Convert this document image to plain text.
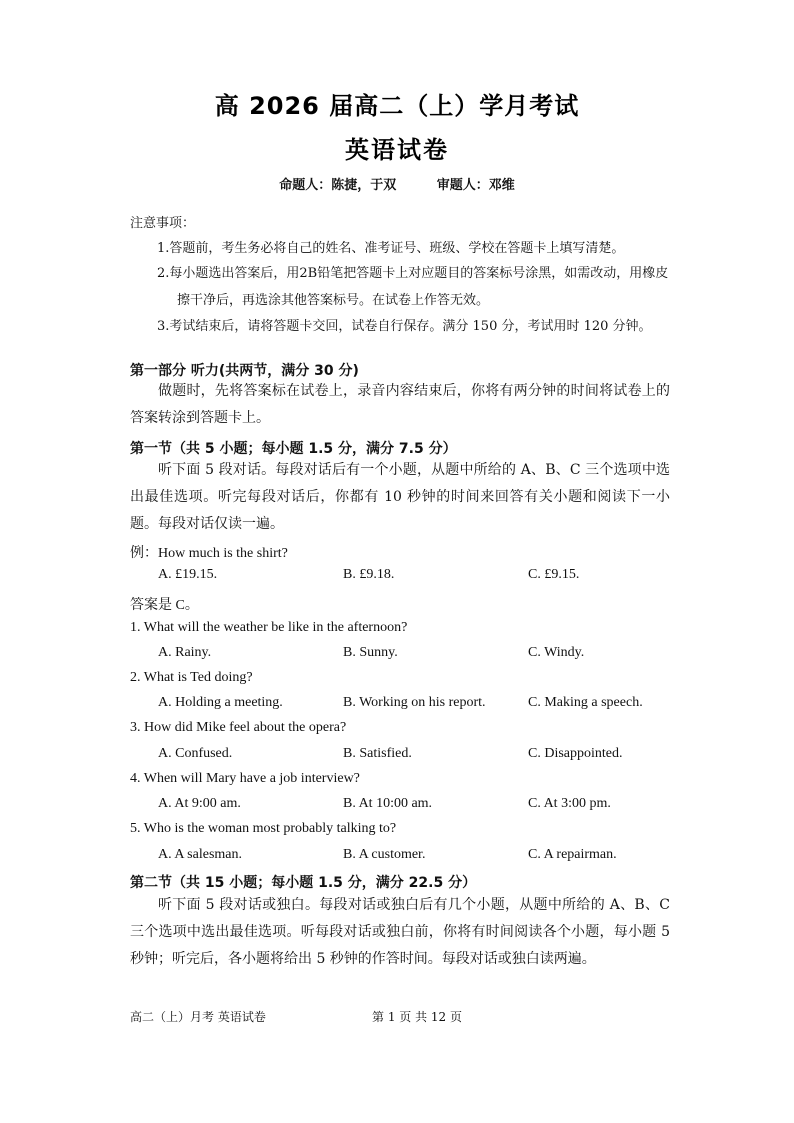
高 2026 届高二（上）学月考试
英语试卷
命题人：陈捷，于双	审题人：邓维
注意事项：
1.答题前，考生务必将自己的姓名、准考证号、班级、学校在答题卡上填写清楚。
2.每小题选出答案后，用2B铅笔把答题卡上对应题目的答案标号涂黑，如需改动，用橡皮
擦干净后，再选涂其他答案标号。在试卷上作答无效。
3.考试结束后，请将答题卡交回，试卷自行保存。满分 150 分，考试用时 120 分钟。
第一部分 听力(共两节，满分 30 分)
做题时，先将答案标在试卷上，录音内容结束后，你将有两分钟的时间将试卷上的答案转涂到答题卡上。
第一节（共 5 小题；每小题 1.5 分，满分 7.5 分）
听下面 5 段对话。每段对话后有一个小题，从题中所给的 A、B、C 三个选项中选出最佳选项。听完每段对话后，你都有 10 秒钟的时间来回答有关小题和阅读下一小题。每段对话仅读一遍。
例：How much is the shirt?
A. £19.15.	B. £9.18.	C. £9.15.
答案是 C。
1. What will the weather be like in the afternoon?
A. Rainy.	B. Sunny.	C. Windy.
2. What is Ted doing?
A. Holding a meeting.	B. Working on his report.	C. Making a speech.
3. How did Mike feel about the opera?
A. Confused.	B. Satisfied.	C. Disappointed.
4. When will Mary have a job interview?
A. At 9:00 am.	B. At 10:00 am.	C. At 3:00 pm.
5. Who is the woman most probably talking to?
A. A salesman.	B. A customer.	C. A repairman.
第二节（共 15 小题；每小题 1.5 分，满分 22.5 分）
听下面 5 段对话或独白。每段对话或独白后有几个小题，从题中所给的 A、B、C 三个选项中选出最佳选项。听每段对话或独白前，你将有时间阅读各个小题，每小题 5 秒钟；听完后，各小题将给出 5 秒钟的作答时间。每段对话或独白读两遍。
高二（上）月考 英语试卷	第 1 页 共 12 页
